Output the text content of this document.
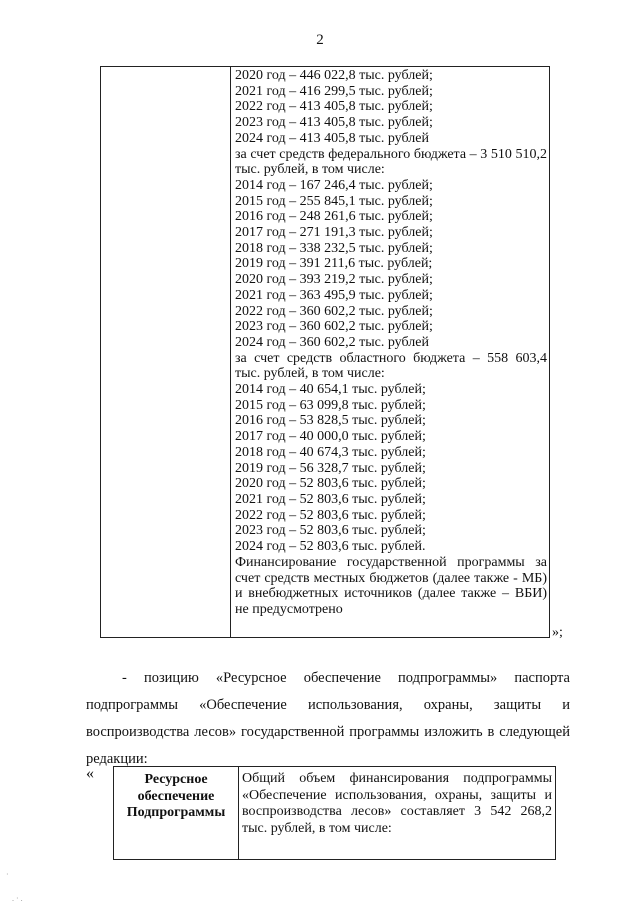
2
2020 год – 446 022,8 тыс. рублей;
2021 год – 416 299,5 тыс. рублей;
2022 год – 413 405,8 тыс. рублей;
2023 год – 413 405,8 тыс. рублей;
2024 год – 413 405,8 тыс. рублей
за счет средств федерального бюджета – 3 510 510,2 тыс. рублей, в том числе:
2014 год – 167 246,4 тыс. рублей;
2015 год – 255 845,1 тыс. рублей;
2016 год – 248 261,6 тыс. рублей;
2017 год – 271 191,3 тыс. рублей;
2018 год – 338 232,5 тыс. рублей;
2019 год – 391 211,6 тыс. рублей;
2020 год – 393 219,2 тыс. рублей;
2021 год – 363 495,9 тыс. рублей;
2022 год – 360 602,2 тыс. рублей;
2023 год – 360 602,2 тыс. рублей;
2024 год – 360 602,2 тыс. рублей
за счет средств областного бюджета – 558 603,4 тыс. рублей, в том числе:
2014 год – 40 654,1 тыс. рублей;
2015 год – 63 099,8 тыс. рублей;
2016 год – 53 828,5 тыс. рублей;
2017 год – 40 000,0 тыс. рублей;
2018 год – 40 674,3 тыс. рублей;
2019 год – 56 328,7 тыс. рублей;
2020 год – 52 803,6 тыс. рублей;
2021 год – 52 803,6 тыс. рублей;
2022 год – 52 803,6 тыс. рублей;
2023 год – 52 803,6 тыс. рублей;
2024 год – 52 803,6 тыс. рублей.
Финансирование государственной программы за счет средств местных бюджетов (далее также - МБ) и внебюджетных источников (далее также – ВБИ) не предусмотрено
»;
- позицию «Ресурсное обеспечение подпрограммы» паспорта подпрограммы «Обеспечение использования, охраны, защиты и воспроизводства лесов» государственной программы изложить в следующей редакции:
«	Ресурсное обеспечение Подпрограммы
Общий объем финансирования подпрограммы «Обеспечение использования, охраны, защиты и воспроизводства лесов» составляет 3 542 268,2 тыс. рублей, в том числе:
. · .
·
